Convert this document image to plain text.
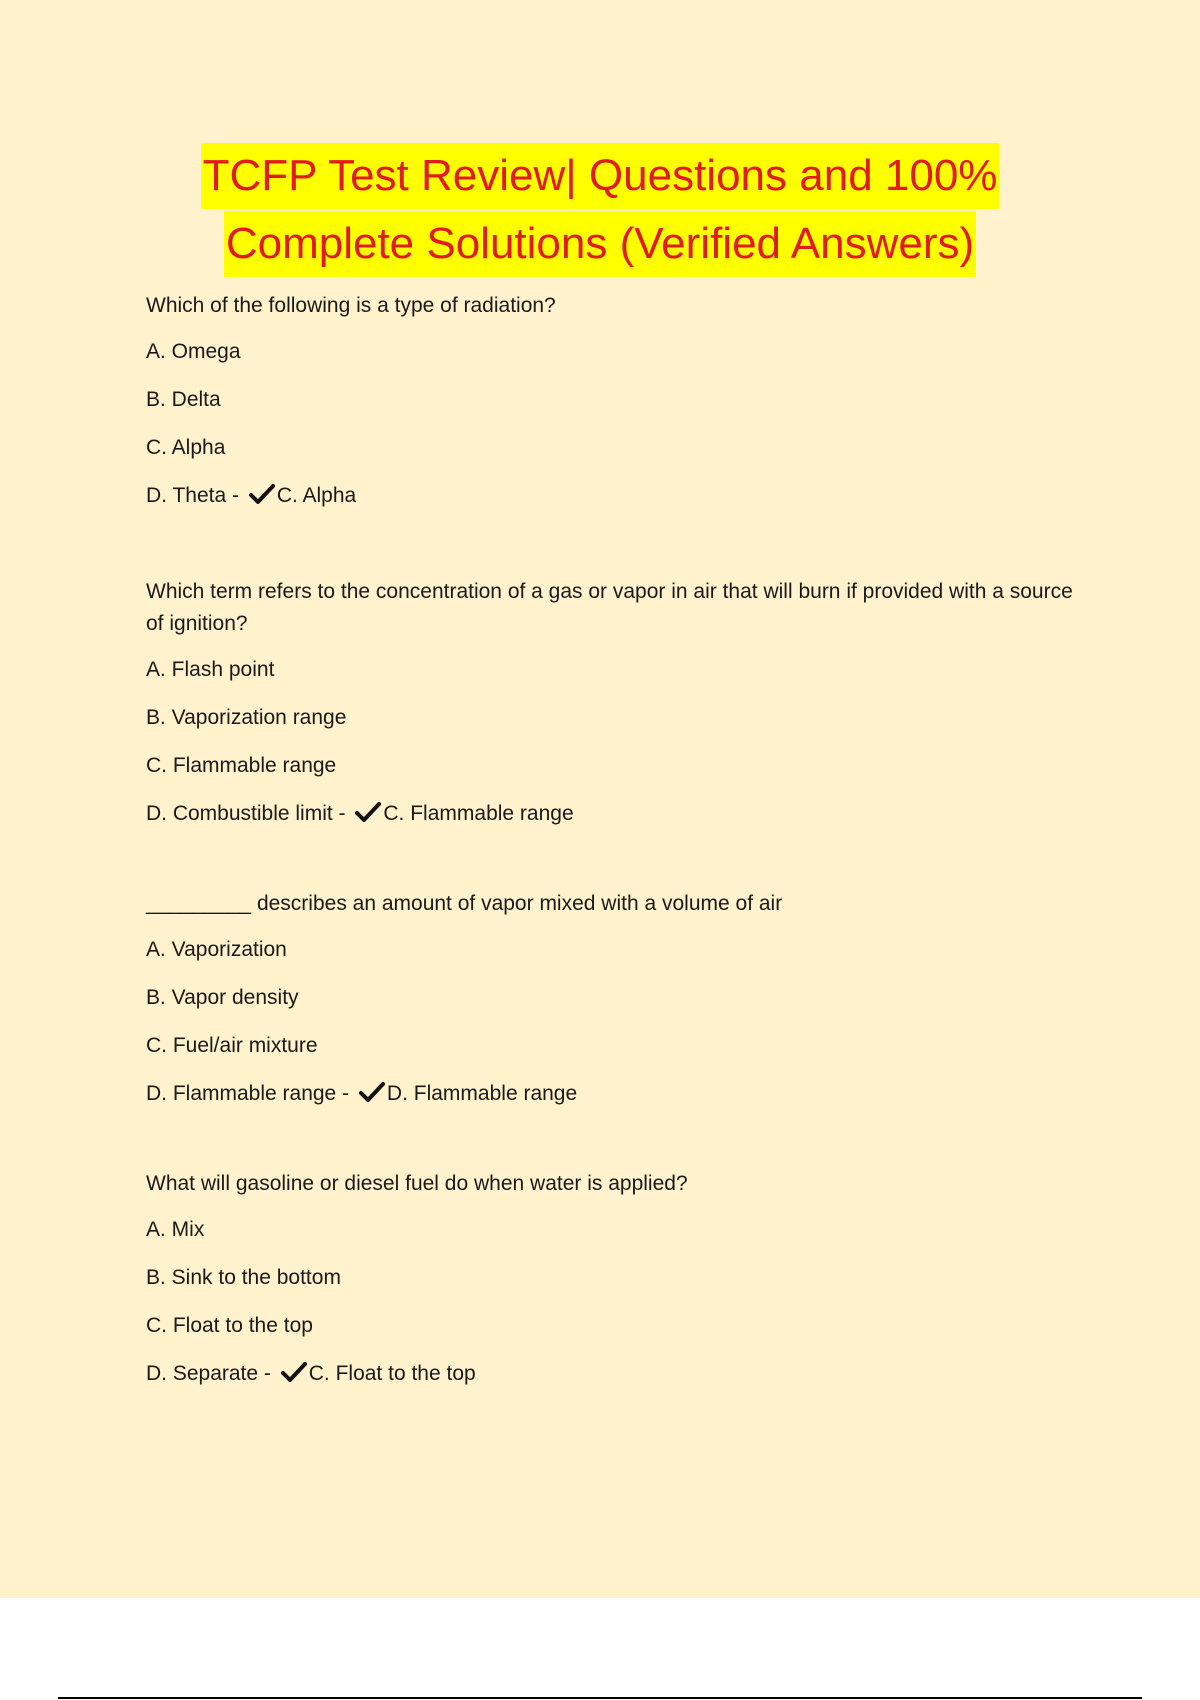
TCFP Test Review| Questions and 100%
Complete Solutions (Verified Answers)
Which of the following is a type of radiation?
A. Omega
B. Delta
C. Alpha
D. Theta - C. Alpha
Which term refers to the concentration of a gas or vapor in air that will burn if provided with a source of ignition?
A. Flash point
B. Vaporization range
C. Flammable range
D. Combustible limit - C. Flammable range
_________ describes an amount of vapor mixed with a volume of air
A. Vaporization
B. Vapor density
C. Fuel/air mixture
D. Flammable range - D. Flammable range
What will gasoline or diesel fuel do when water is applied?
A. Mix
B. Sink to the bottom
C. Float to the top
D. Separate - C. Float to the top
